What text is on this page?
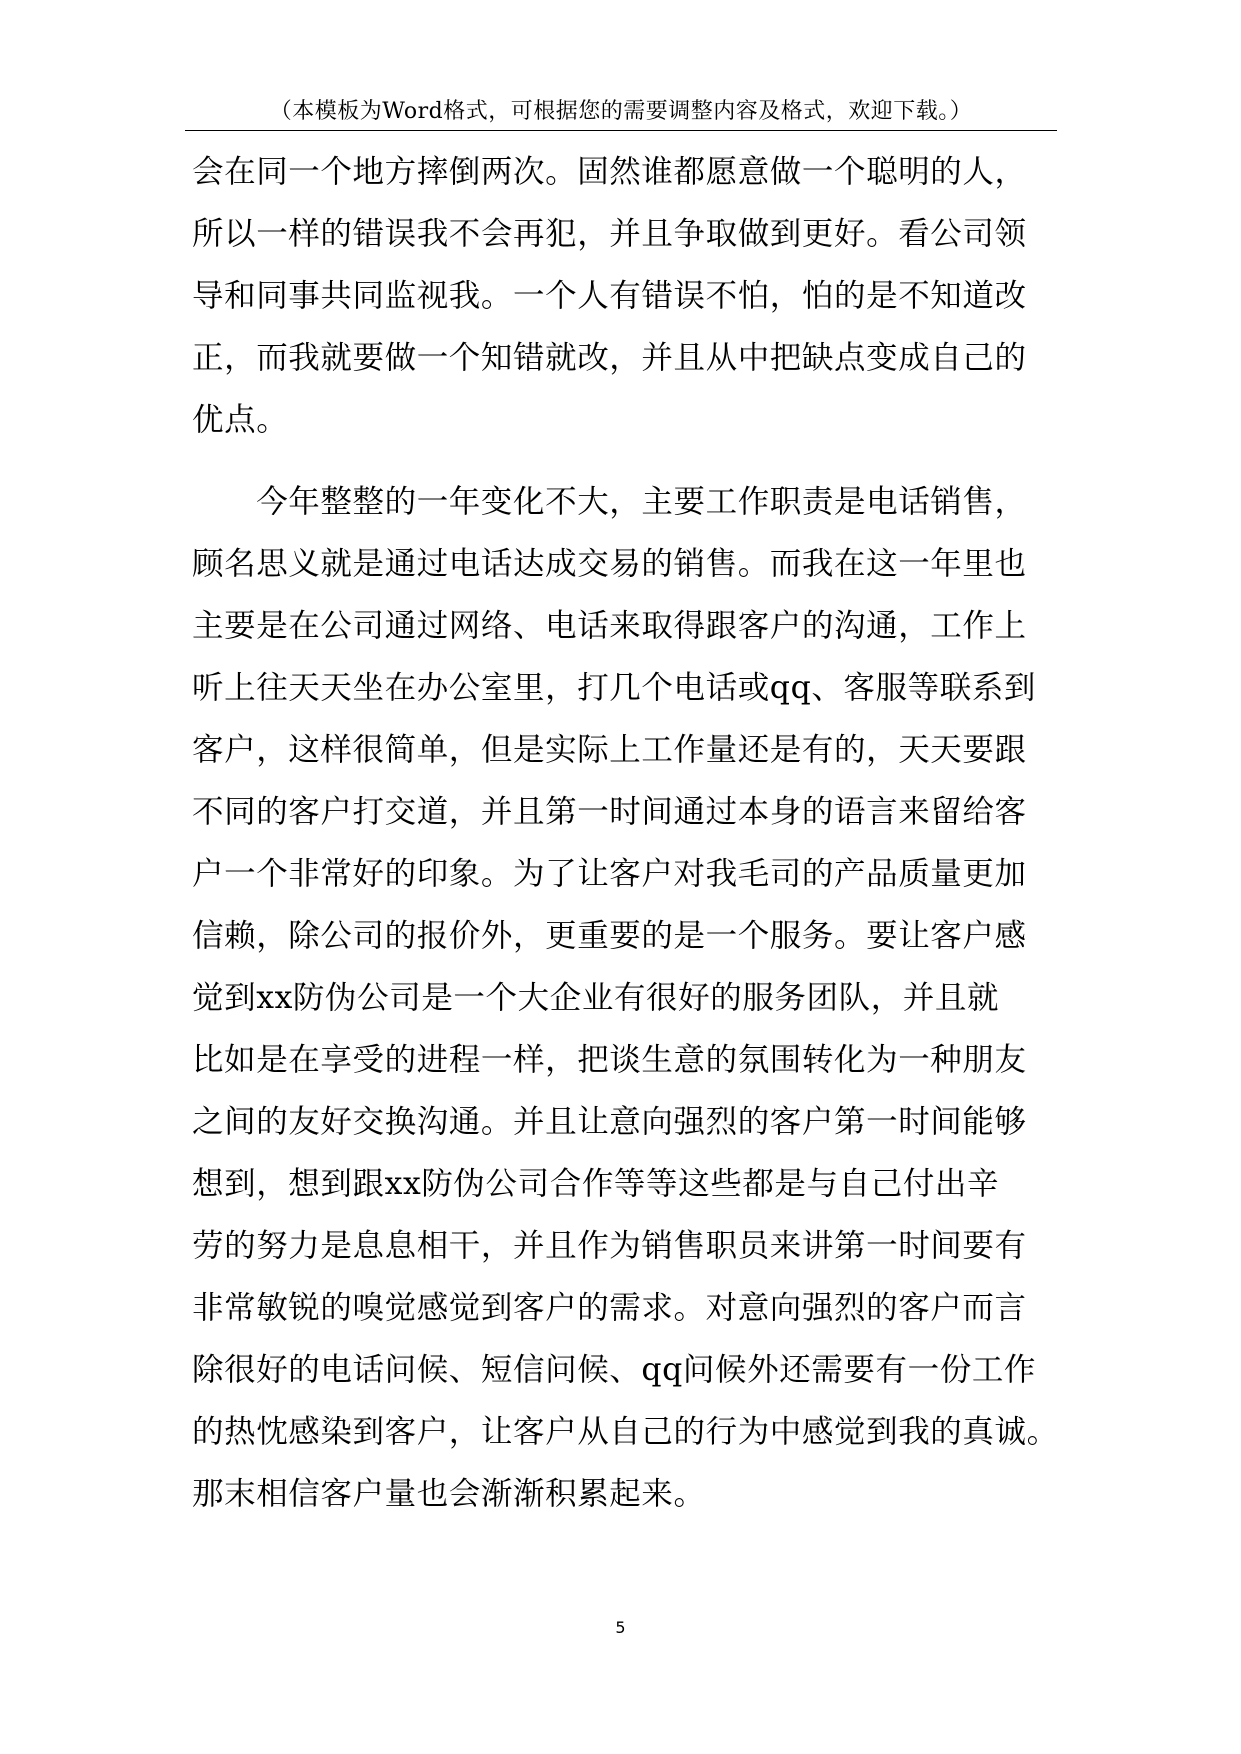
（本模板为Word格式，可根据您的需要调整内容及格式，欢迎下载。）
会在同一个地方摔倒两次。固然谁都愿意做一个聪明的人，
所以一样的错误我不会再犯，并且争取做到更好。看公司领
导和同事共同监视我。一个人有错误不怕，怕的是不知道改
正，而我就要做一个知错就改，并且从中把缺点变成自己的
优点。
　　今年整整的一年变化不大，主要工作职责是电话销售，
顾名思义就是通过电话达成交易的销售。而我在这一年里也
主要是在公司通过网络、电话来取得跟客户的沟通，工作上
听上往天天坐在办公室里，打几个电话或qq、客服等联系到
客户，这样很简单，但是实际上工作量还是有的，天天要跟
不同的客户打交道，并且第一时间通过本身的语言来留给客
户一个非常好的印象。为了让客户对我毛司的产品质量更加
信赖，除公司的报价外，更重要的是一个服务。要让客户感
觉到xx防伪公司是一个大企业有很好的服务团队，并且就
比如是在享受的进程一样，把谈生意的氛围转化为一种朋友
之间的友好交换沟通。并且让意向强烈的客户第一时间能够
想到，想到跟xx防伪公司合作等等这些都是与自己付出辛
劳的努力是息息相干，并且作为销售职员来讲第一时间要有
非常敏锐的嗅觉感觉到客户的需求。对意向强烈的客户而言
除很好的电话问候、短信问候、qq问候外还需要有一份工作
的热忱感染到客户，让客户从自己的行为中感觉到我的真诚。
那末相信客户量也会渐渐积累起来。
5
